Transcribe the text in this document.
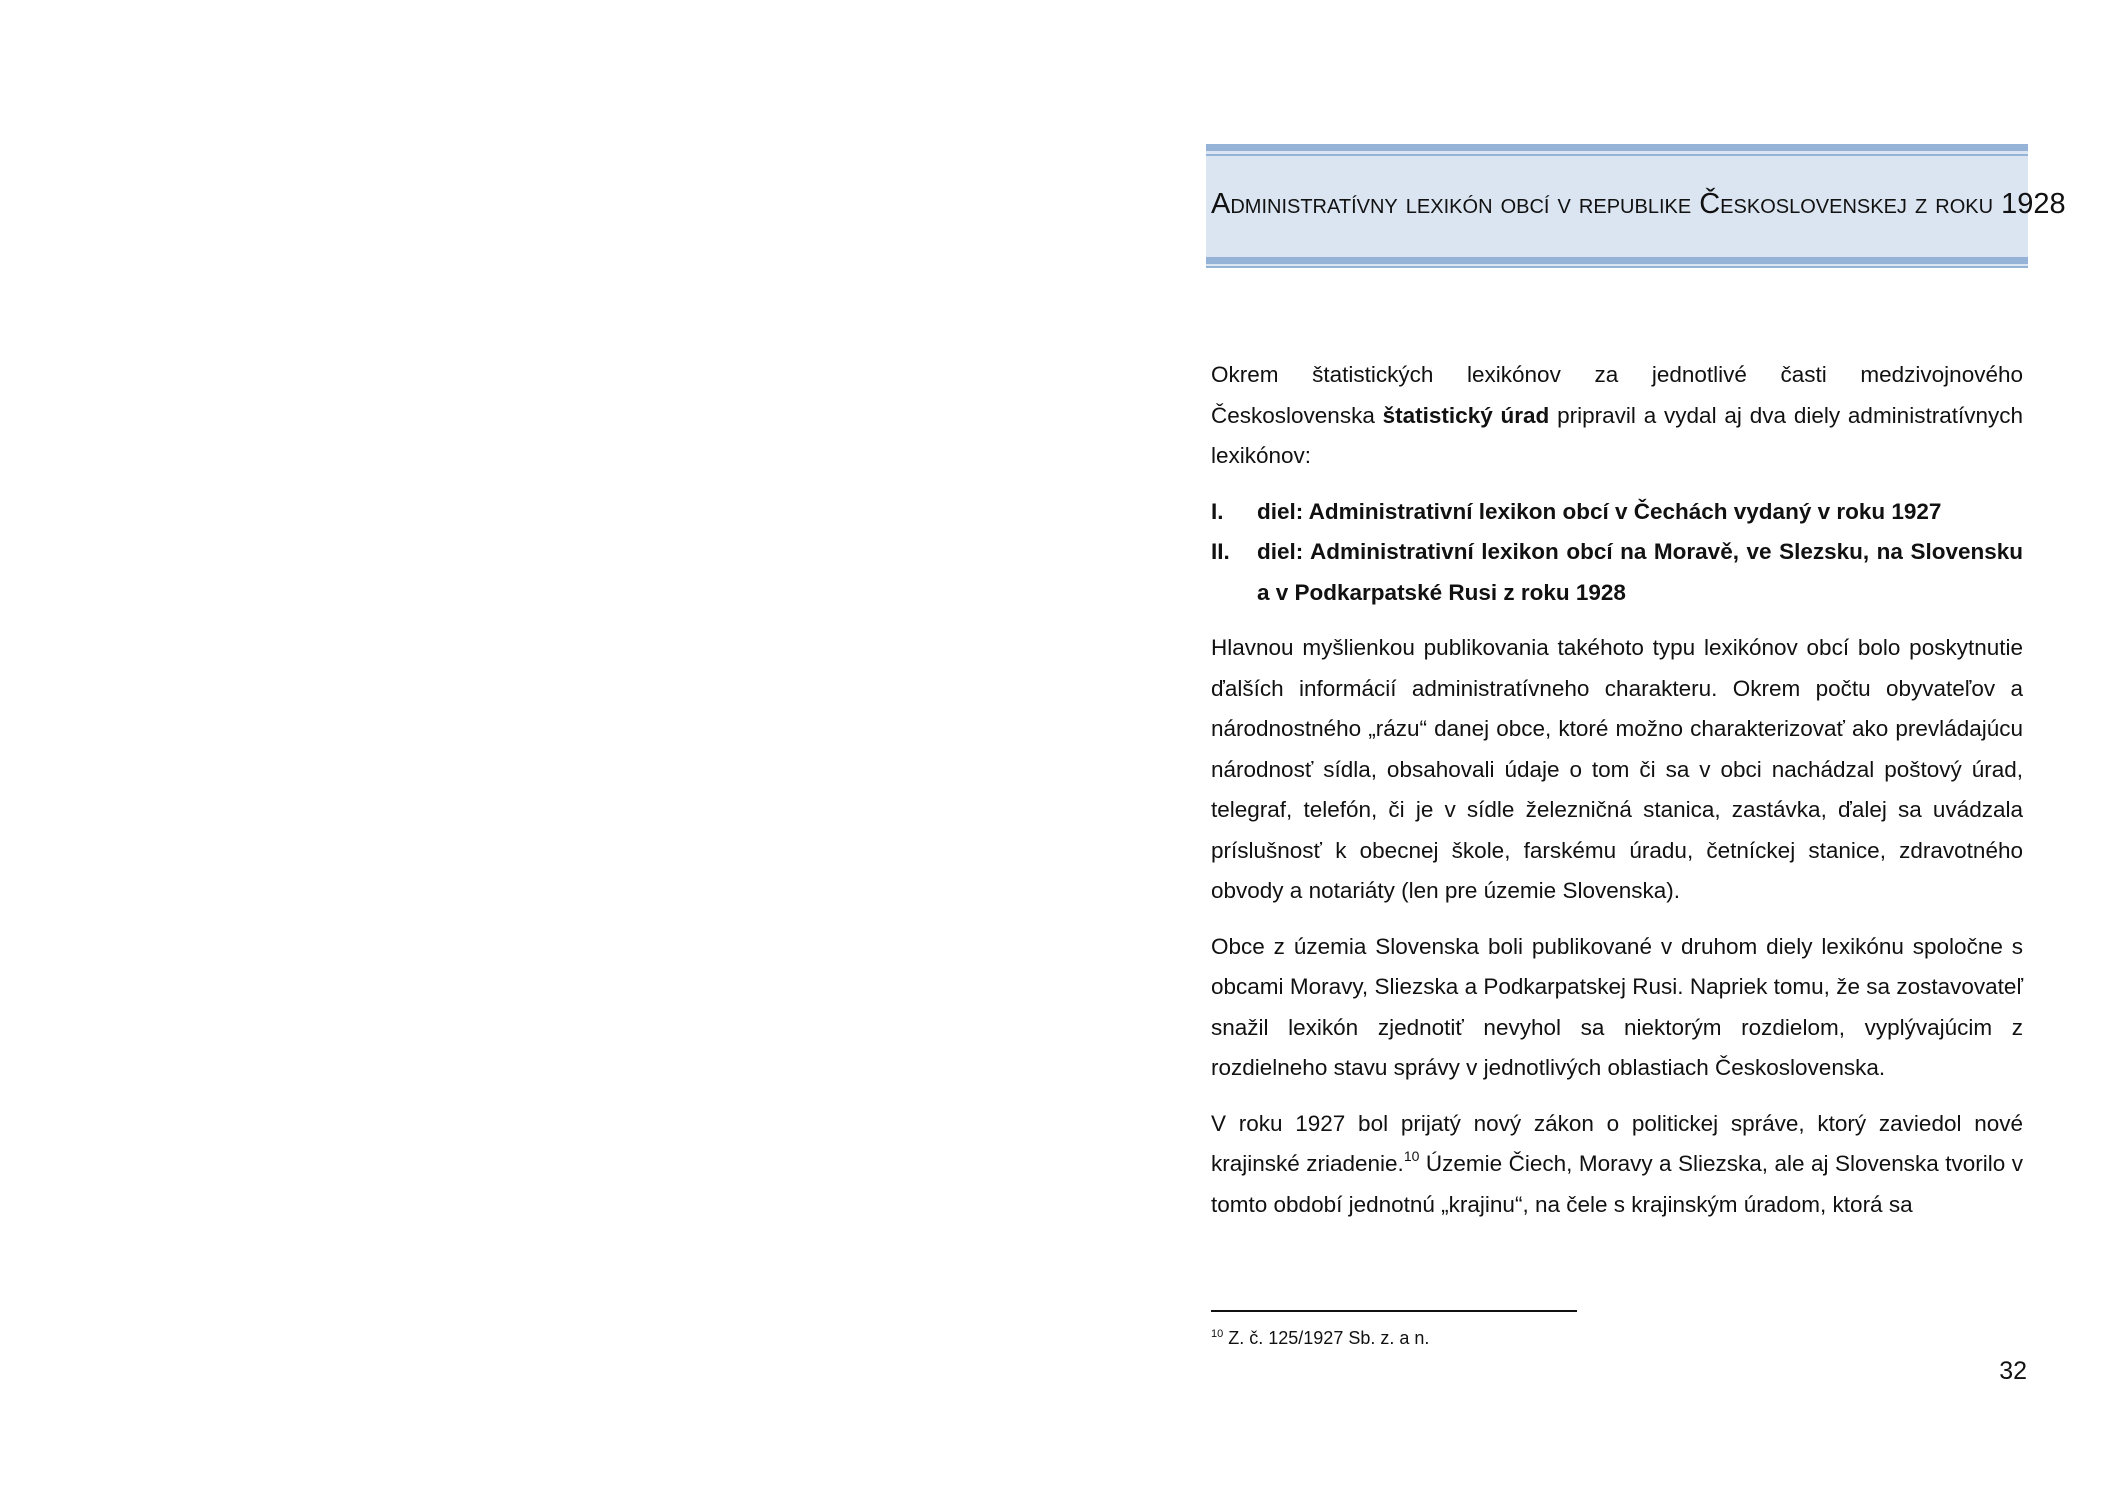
Administratívny lexikón obcí v republike Československej z roku 1928

Okrem štatistických lexikónov za jednotlivé časti medzivojnového Československa štatistický úrad pripravil a vydal aj dva diely administratívnych lexikónov:

I.	diel: Administrativní lexikon obcí v Čechách vydaný v roku 1927
II.	diel: Administrativní lexikon obcí na Moravě, ve Slezsku, na Slovensku a v Podkarpatské Rusi z roku 1928

Hlavnou myšlienkou publikovania takéhoto typu lexikónov obcí bolo poskytnutie ďalších informácií administratívneho charakteru. Okrem počtu obyvateľov a národnostného „rázu“ danej obce, ktoré možno charakterizovať ako prevládajúcu národnosť sídla, obsahovali údaje o tom či sa v obci nachádzal poštový úrad, telegraf, telefón, či je v sídle železničná stanica, zastávka, ďalej sa uvádzala príslušnosť k obecnej škole, farskému úradu, četníckej stanice, zdravotného obvody a notariáty (len pre územie Slovenska).

Obce z územia Slovenska boli publikované v druhom diely lexikónu spoločne s obcami Moravy, Sliezska a Podkarpatskej Rusi. Napriek tomu, že sa zostavovateľ snažil lexikón zjednotiť nevyhol sa niektorým rozdielom, vyplývajúcim z rozdielneho stavu správy v jednotlivých oblastiach Československa.

V roku 1927 bol prijatý nový zákon o politickej správe, ktorý zaviedol nové krajinské zriadenie.$^{10}$ Územie Čiech, Moravy a Sliezska, ale aj Slovenska tvorilo v tomto období jednotnú „krajinu“, na čele s krajinským úradom, ktorá sa

$^{10}$ Z. č. 125/1927 Sb. z. a n.
32
